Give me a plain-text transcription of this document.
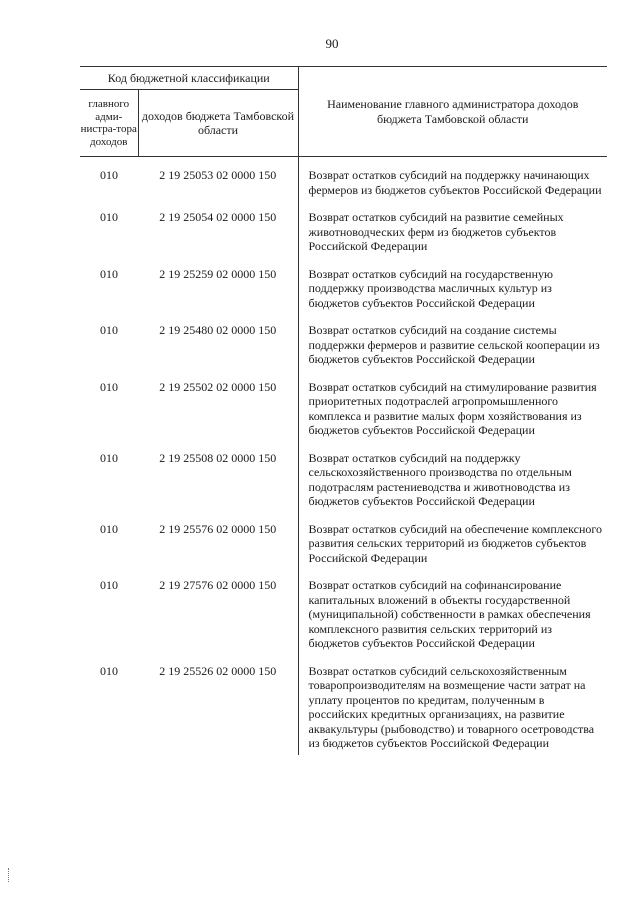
90
Код бюджетной классификации		Наименование главного администратора доходов бюджета Тамбовской области
главного адми-нистра-тора доходов	доходов бюджета Тамбовской области	

010	2 19 25053 02 0000 150	Возврат остатков субсидий на поддержку начинающих фермеров из бюджетов субъектов Российской Федерации
010	2 19 25054 02 0000 150	Возврат остатков субсидий на развитие семейных животноводческих ферм из бюджетов субъектов Российской Федерации
010	2 19 25259 02 0000 150	Возврат остатков субсидий на государственную поддержку производства масличных культур из бюджетов субъектов Российской Федерации
010	2 19 25480 02 0000 150	Возврат остатков субсидий на создание системы поддержки фермеров и развитие сельской кооперации из бюджетов субъектов Российской Федерации
010	2 19 25502 02 0000 150	Возврат остатков субсидий на стимулирование развития приоритетных подотраслей агропромышленного комплекса и развитие малых форм хозяйствования из бюджетов субъектов Российской Федерации
010	2 19 25508 02 0000 150	Возврат остатков субсидий на поддержку сельскохозяйственного производства по отдельным подотраслям растениеводства и животноводства из бюджетов субъектов Российской Федерации
010	2 19 25576 02 0000 150	Возврат остатков субсидий на обеспечение комплексного развития сельских территорий из бюджетов субъектов Российской Федерации
010	2 19 27576 02 0000 150	Возврат остатков субсидий на софинансирование капитальных вложений в объекты государственной (муниципальной) собственности в рамках обеспечения комплексного развития сельских территорий из бюджетов субъектов Российской Федерации
010	2 19 25526 02 0000 150	Возврат остатков субсидий сельскохозяйственным товаропроизводителям на возмещение части затрат на уплату процентов по кредитам, полученным в российских кредитных организациях, на развитие аквакультуры (рыбоводство) и товарного осетроводства из бюджетов субъектов Российской Федерации
